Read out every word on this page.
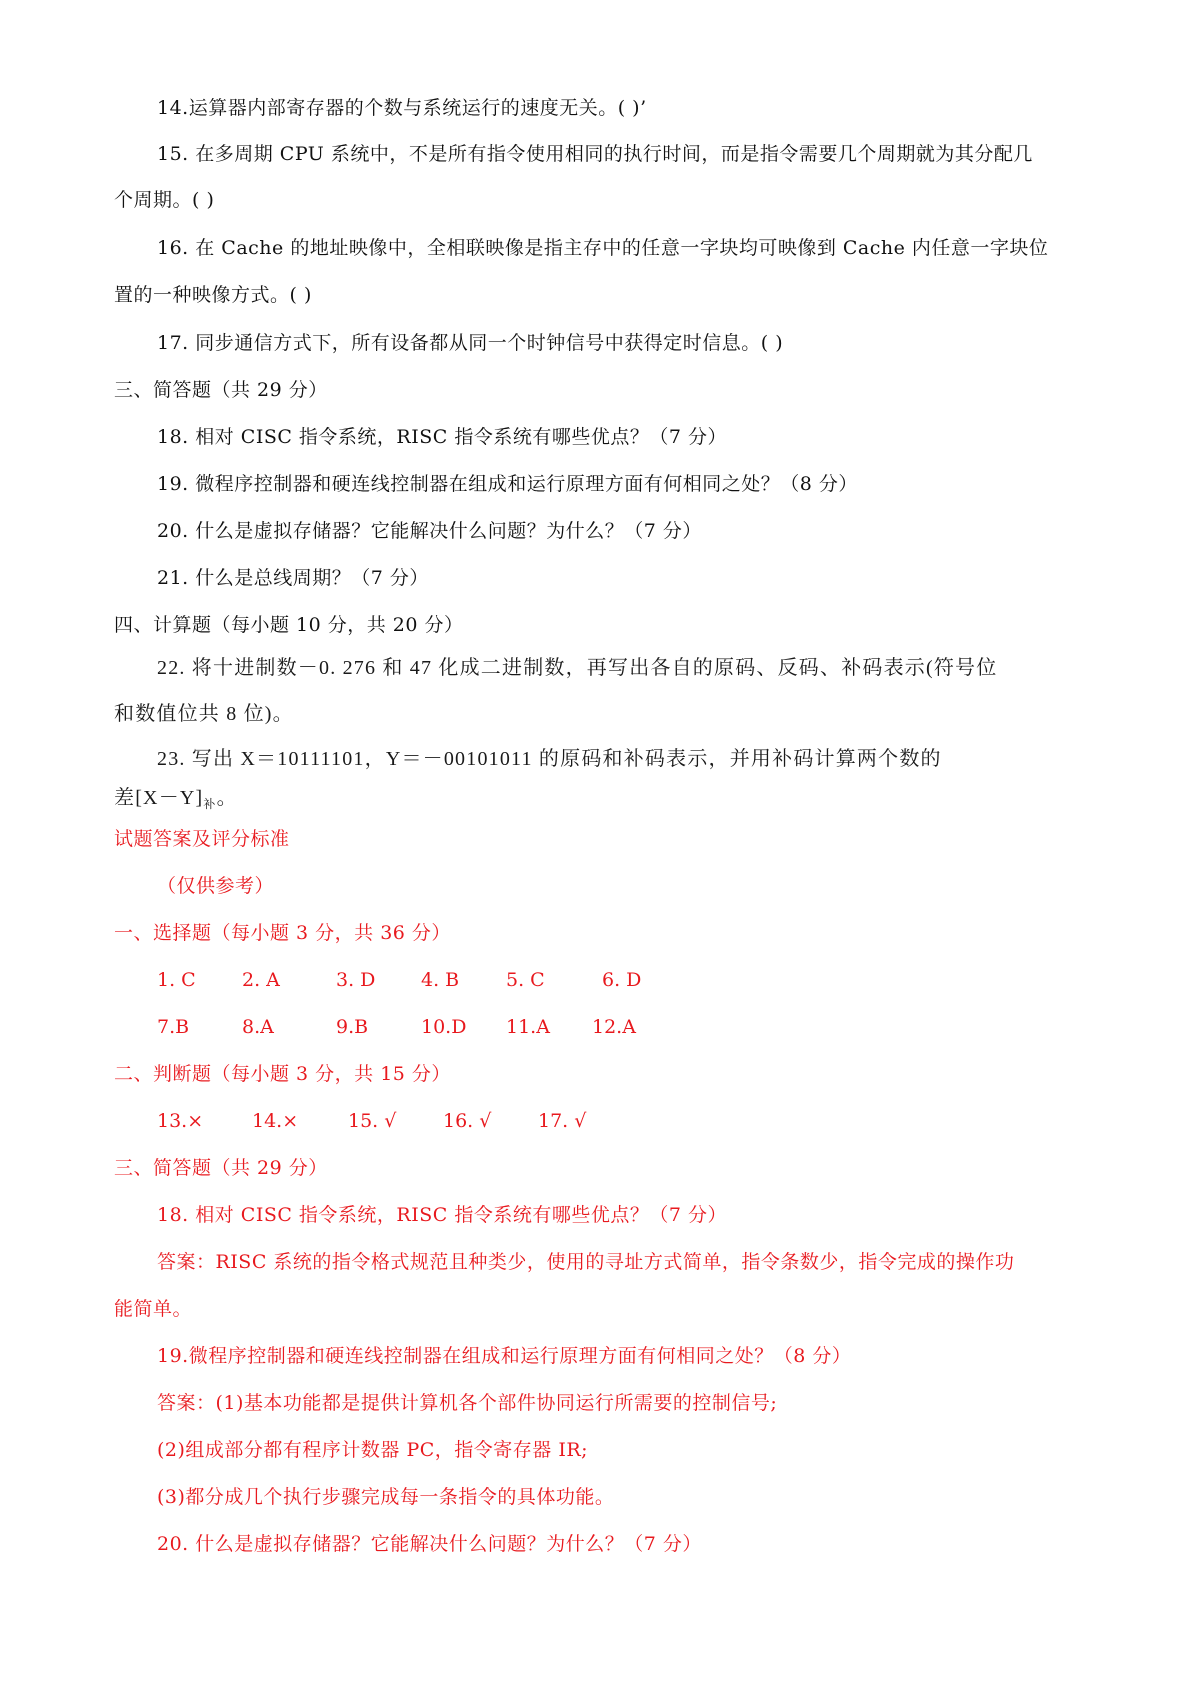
14.运算器内部寄存器的个数与系统运行的速度无关。( )’
15. 在多周期 CPU 系统中，不是所有指令使用相同的执行时间，而是指令需要几个周期就为其分配几
个周期。( )
16. 在 Cache 的地址映像中，全相联映像是指主存中的任意一字块均可映像到 Cache 内任意一字块位
置的一种映像方式。( )
17. 同步通信方式下，所有设备都从同一个时钟信号中获得定时信息。( )
三、简答题（共 29 分）
18. 相对 CISC 指令系统，RISC 指令系统有哪些优点？（7 分）
19. 微程序控制器和硬连线控制器在组成和运行原理方面有何相同之处？（8 分）
20. 什么是虚拟存储器？它能解决什么问题？为什么？（7 分）
21. 什么是总线周期？（7 分）
四、计算题（每小题 10 分，共 20 分）
22. 将十进制数－0. 276 和 47 化成二进制数，再写出各自的原码、反码、补码表示(符号位
和数值位共 8 位)。
23. 写出 X＝10111101，Y＝－00101011 的原码和补码表示，并用补码计算两个数的
差$[X-Y]_补$。
试题答案及评分标准
（仅供参考）
一、选择题（每小题 3 分，共 36 分）
1. C 2. A	3. D 4. B 5. C	6. D
7.B	8.A	9.B	10.D 11.A 12.A
二、判断题（每小题 3 分，共 15 分）
13.×	14.×	15. √ 16. √ 17. √
三、简答题（共 29 分）
18. 相对 CISC 指令系统，RISC 指令系统有哪些优点？（7 分）
答案：RISC 系统的指令格式规范且种类少，使用的寻址方式简单，指令条数少，指令完成的操作功
能简单。
19.微程序控制器和硬连线控制器在组成和运行原理方面有何相同之处？（8 分）
答案：(1)基本功能都是提供计算机各个部件协同运行所需要的控制信号;
(2)组成部分都有程序计数器 PC，指令寄存器 IR;
(3)都分成几个执行步骤完成每一条指令的具体功能。
20. 什么是虚拟存储器？它能解决什么问题？为什么？（7 分）
